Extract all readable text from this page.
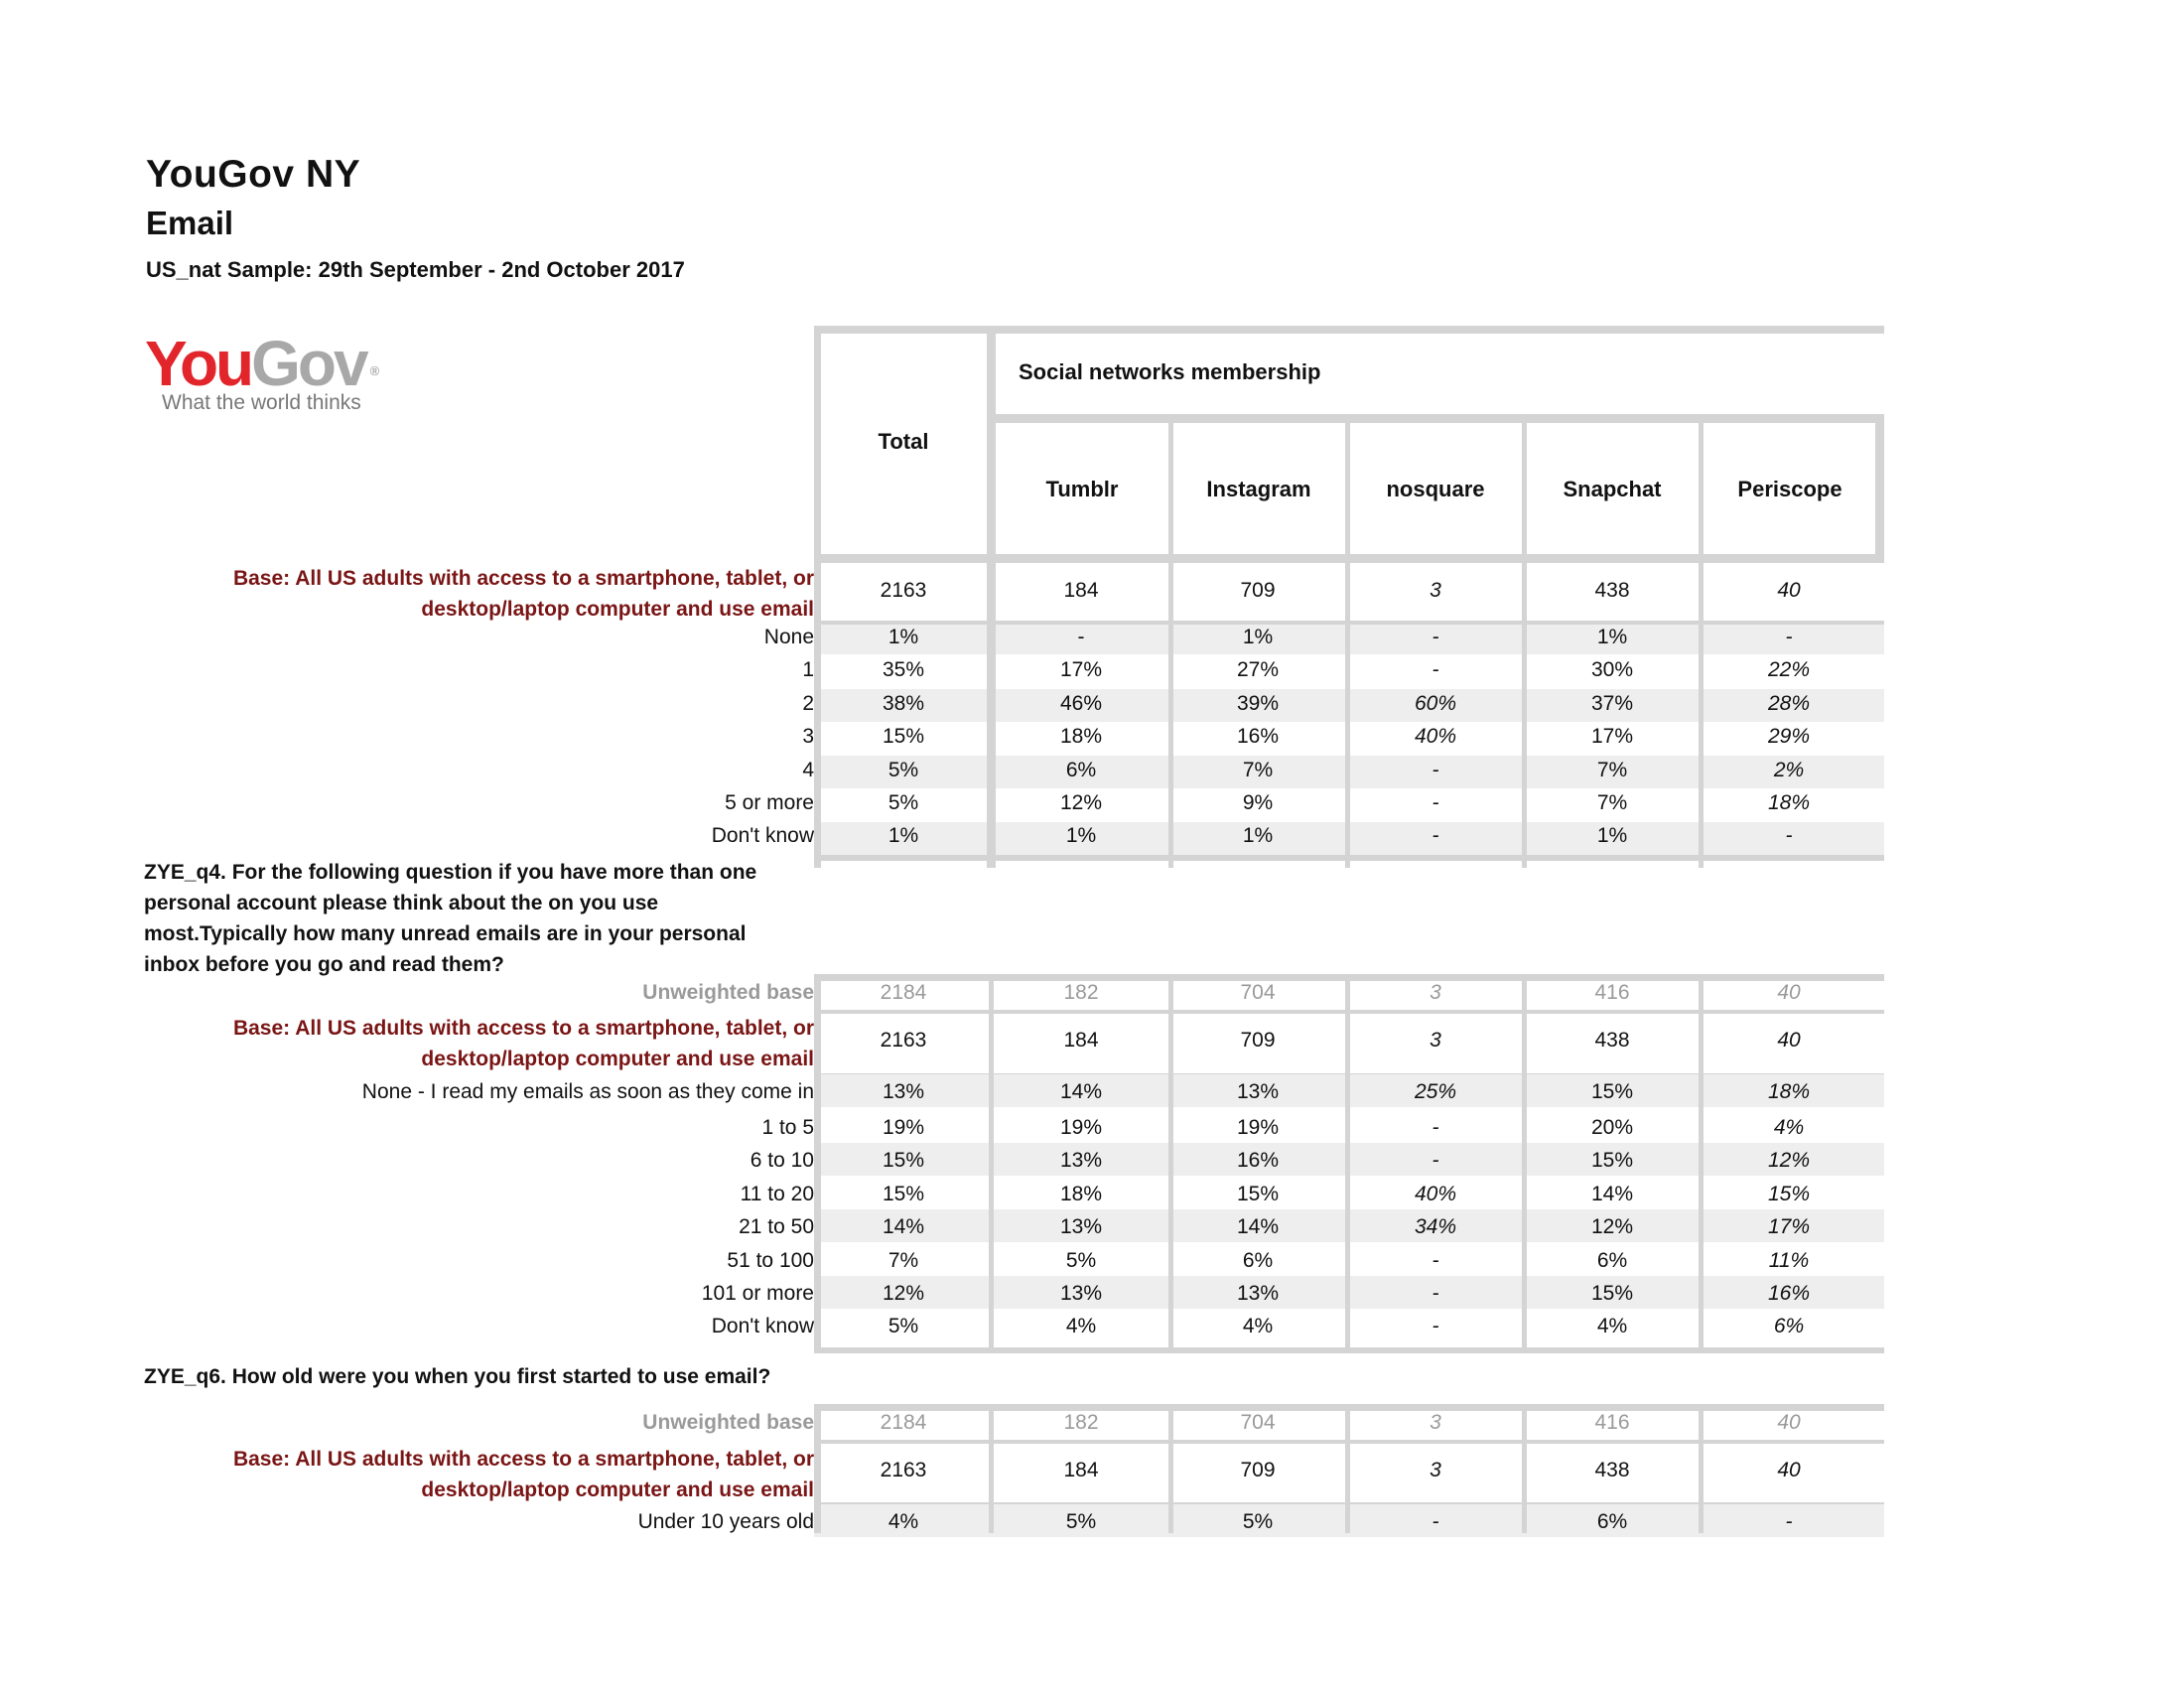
YouGov NY
Email
US_nat Sample: 29th September - 2nd October 2017
YouGov ®
What the world thinks
Total
Social networks membership
Tumblr	Instagram	nosquare	Snapchat	Periscope
Base: All US adults with access to a smartphone, tablet, or
desktop/laptop computer and use email
2163	184	709	3	438	40
None	1%	-	1%	-	1%	-
1	35%	17%	27%	-	30%	22%
2	38%	46%	39%	60%	37%	28%
3	15%	18%	16%	40%	17%	29%
4	5%	6%	7%	-	7%	2%
5 or more	5%	12%	9%	-	7%	18%
Don't know	1%	1%	1%	-	1%	-
ZYE_q4. For the following question if you have more than one
personal account please think about the on you use
most.Typically how many unread emails are in your personal
inbox before you go and read them?
Unweighted base	2184	182	704	3	416	40
Base: All US adults with access to a smartphone, tablet, or
desktop/laptop computer and use email
2163	184	709	3	438	40
None - I read my emails as soon as they come in	13%	14%	13%	25%	15%	18%
1 to 5	19%	19%	19%	-	20%	4%
6 to 10	15%	13%	16%	-	15%	12%
11 to 20	15%	18%	15%	40%	14%	15%
21 to 50	14%	13%	14%	34%	12%	17%
51 to 100	7%	5%	6%	-	6%	11%
101 or more	12%	13%	13%	-	15%	16%
Don't know	5%	4%	4%	-	4%	6%
ZYE_q6. How old were you when you first started to use email?
Unweighted base	2184	182	704	3	416	40
Base: All US adults with access to a smartphone, tablet, or
desktop/laptop computer and use email
2163	184	709	3	438	40
Under 10 years old	4%	5%	5%	-	6%	-
